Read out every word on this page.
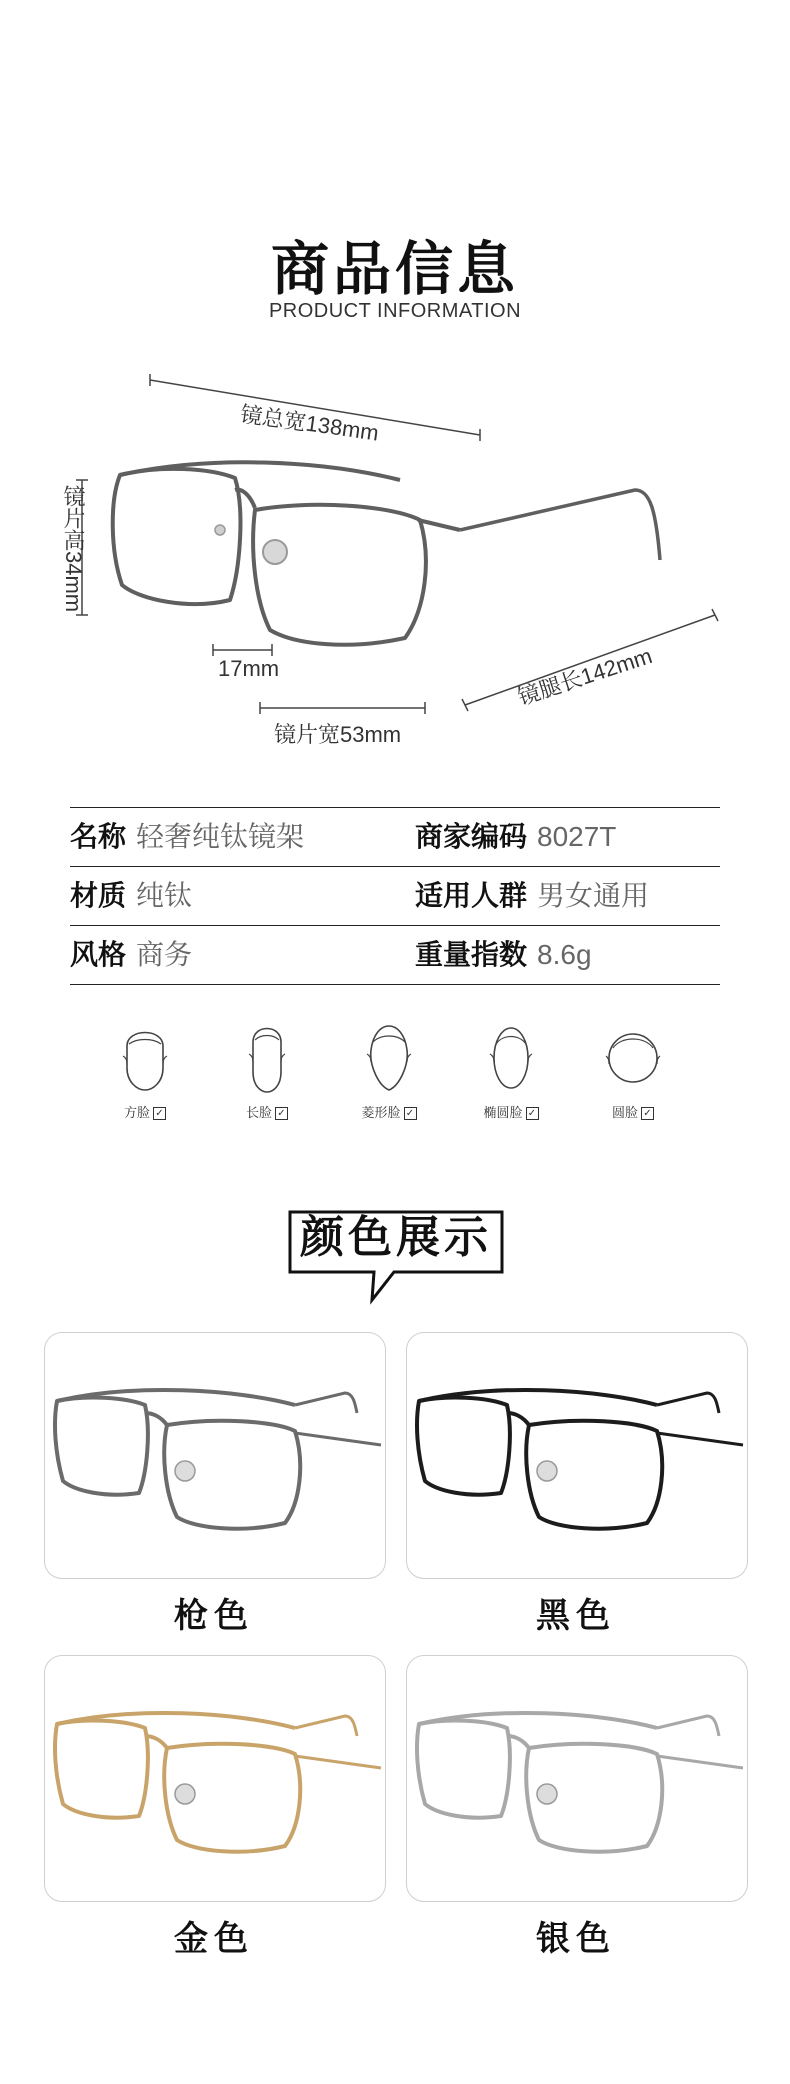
商品信息
PRODUCT INFORMATION
镜总宽138mm
镜片高34mm
17mm
镜片宽53mm
镜腿长142mm
名称 轻奢纯钛镜架	商家编码 8027T
材质 纯钛	适用人群 男女通用
风格 商务	重量指数 8.6g
方脸 ✓	长脸 ✓	菱形脸 ✓	椭圆脸 ✓	圆脸 ✓
颜色展示
枪色	黑色
金色	银色
